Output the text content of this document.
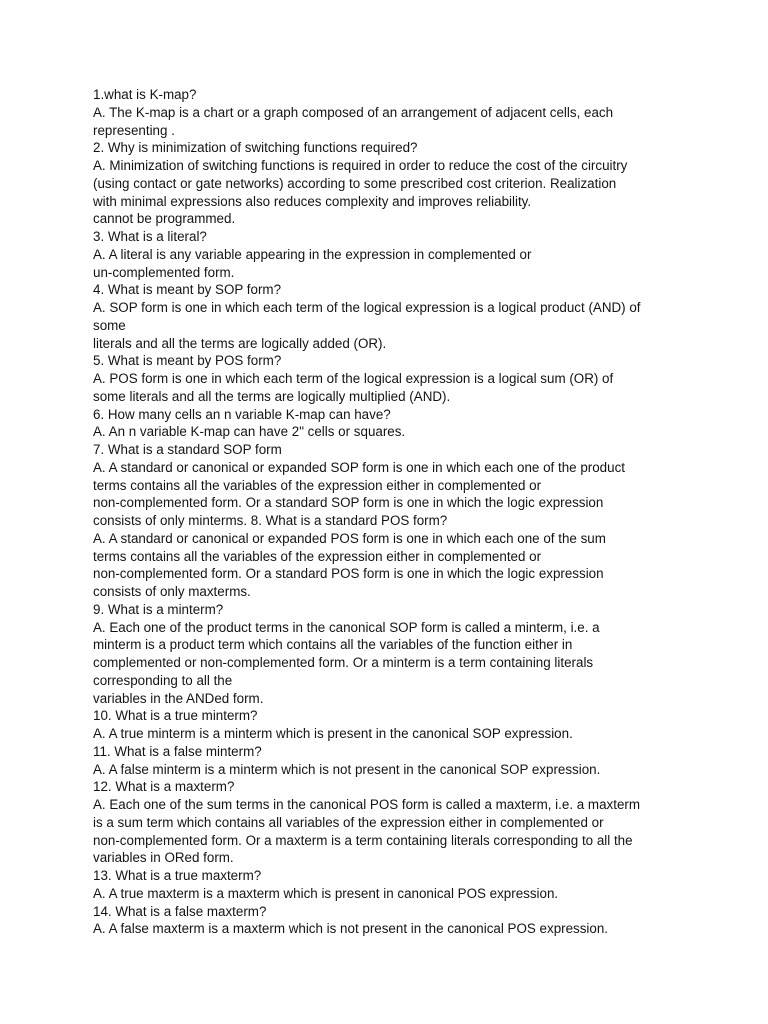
1.what is K-map?
A. The K-map is a chart or a graph composed of an arrangement of adjacent cells, each
representing .
2. Why is minimization of switching functions required?
A. Minimization of switching functions is required in order to reduce the cost of the circuitry
(using contact or gate networks) according to some prescribed cost criterion. Realization
with minimal expressions also reduces complexity and improves reliability.
cannot be programmed.
3. What is a literal?
A. A literal is any variable appearing in the expression in complemented or
un-complemented form.
4. What is meant by SOP form?
A. SOP form is one in which each term of the logical expression is a logical product (AND) of
some
literals and all the terms are logically added (OR).
5. What is meant by POS form?
A. POS form is one in which each term of the logical expression is a logical sum (OR) of
some literals and all the terms are logically multiplied (AND).
6. How many cells an n variable K-map can have?
A. An n variable K-map can have 2" cells or squares.
7. What is a standard SOP form
A. A standard or canonical or expanded SOP form is one in which each one of the product
terms contains all the variables of the expression either in complemented or
non-complemented form. Or a standard SOP form is one in which the logic expression
consists of only minterms. 8. What is a standard POS form?
A. A standard or canonical or expanded POS form is one in which each one of the sum
terms contains all the variables of the expression either in complemented or
non-complemented form. Or a standard POS form is one in which the logic expression
consists of only maxterms.
9. What is a minterm?
A. Each one of the product terms in the canonical SOP form is called a minterm, i.e. a
minterm is a product term which contains all the variables of the function either in
complemented or non-complemented form. Or a minterm is a term containing literals
corresponding to all the
variables in the ANDed form.
10. What is a true minterm?
A. A true minterm is a minterm which is present in the canonical SOP expression.
11. What is a false minterm?
A. A false minterm is a minterm which is not present in the canonical SOP expression.
12. What is a maxterm?
A. Each one of the sum terms in the canonical POS form is called a maxterm, i.e. a maxterm
is a sum term which contains all variables of the expression either in complemented or
non-complemented form. Or a maxterm is a term containing literals corresponding to all the
variables in ORed form.
13. What is a true maxterm?
A. A true maxterm is a maxterm which is present in canonical POS expression.
14. What is a false maxterm?
A. A false maxterm is a maxterm which is not present in the canonical POS expression.
